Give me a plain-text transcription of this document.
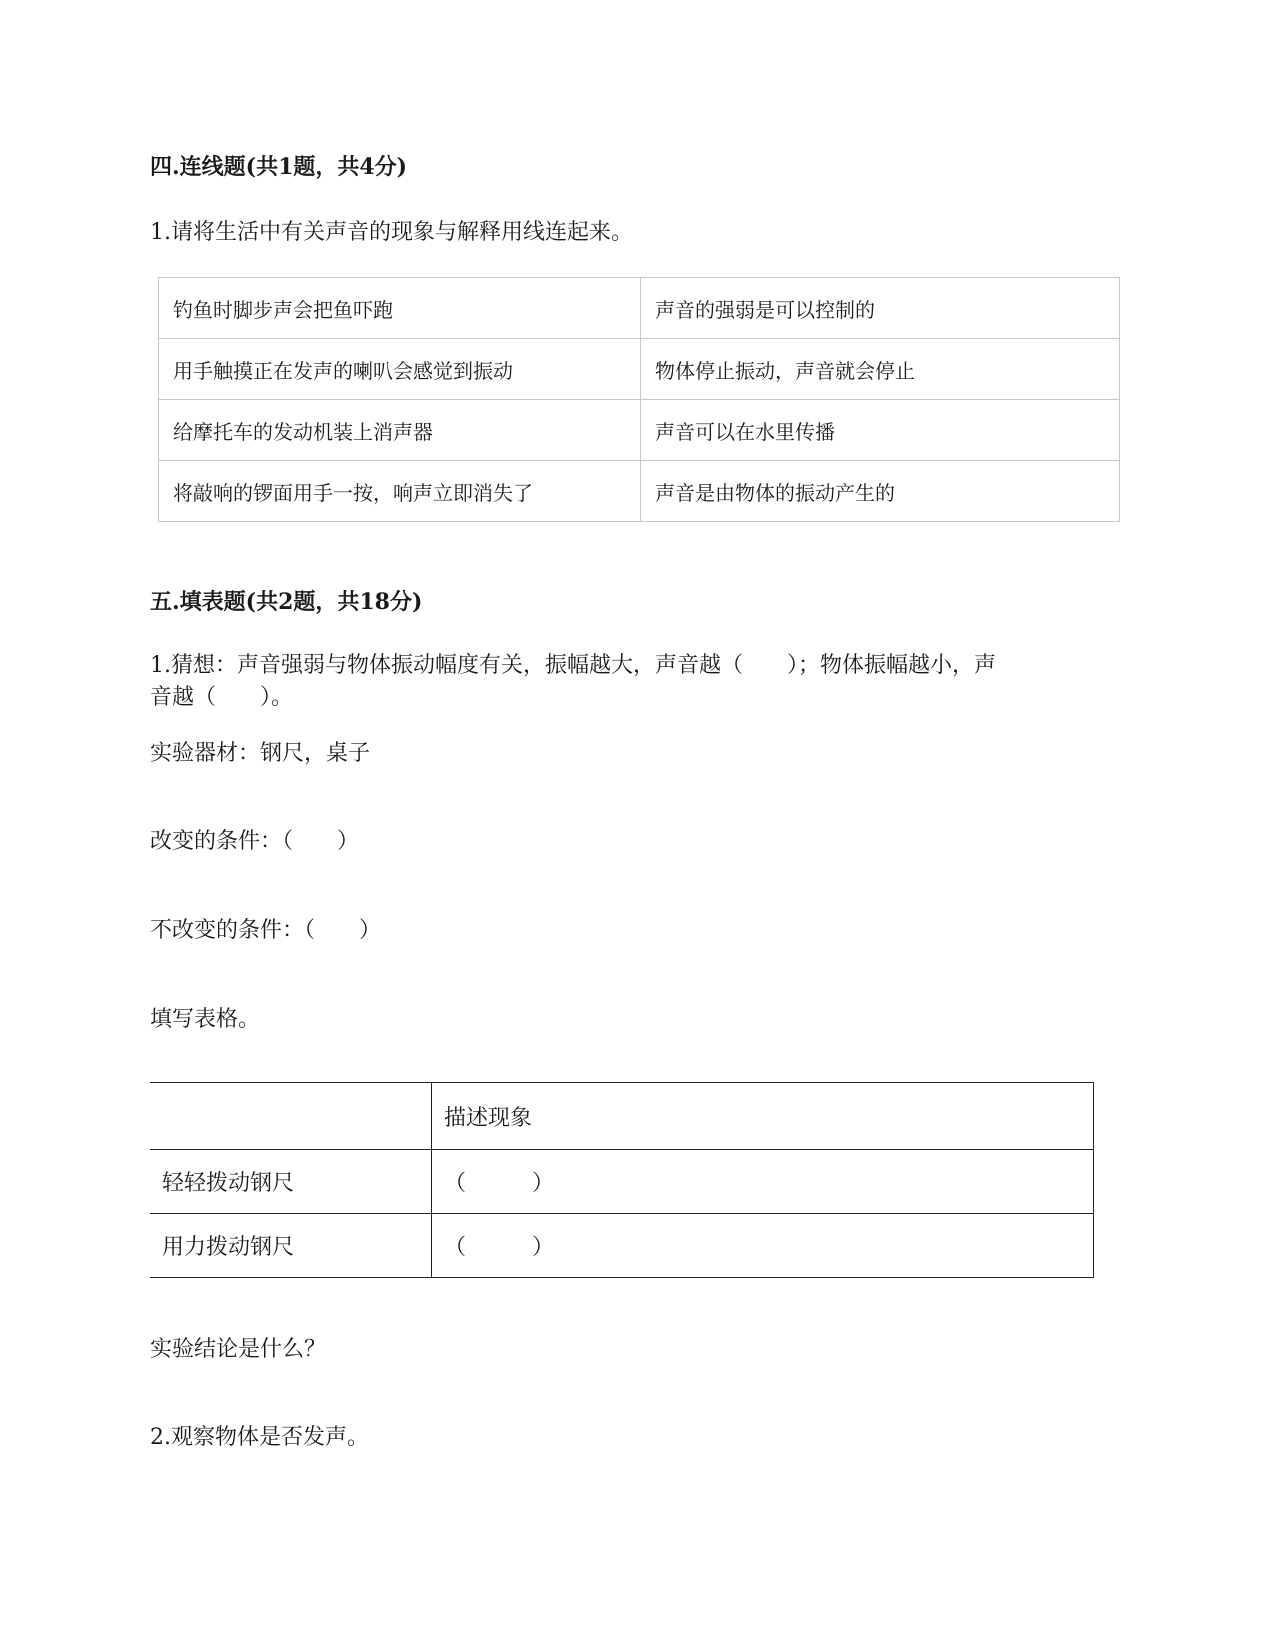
四.连线题(共1题，共4分)
1.请将生活中有关声音的现象与解释用线连起来。
钓鱼时脚步声会把鱼吓跑	声音的强弱是可以控制的
用手触摸正在发声的喇叭会感觉到振动	物体停止振动，声音就会停止
给摩托车的发动机装上消声器	声音可以在水里传播
将敲响的锣面用手一按，响声立即消失了	声音是由物体的振动产生的
五.填表题(共2题，共18分)
1.猜想：声音强弱与物体振动幅度有关，振幅越大，声音越（　　）；物体振幅越小，声
音越（　　）。
实验器材：钢尺，桌子
改变的条件：（　　）
不改变的条件：（　　）
填写表格。
	描述现象
轻轻拨动钢尺	（　　　）
用力拨动钢尺	（　　　）
实验结论是什么？
2.观察物体是否发声。
